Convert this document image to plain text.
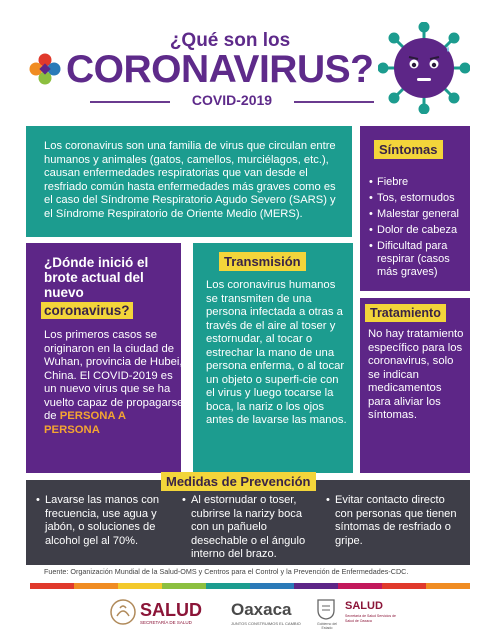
¿Qué son los
CORONAVIRUS?
COVID-2019
Los coronavirus son una familia de virus que circulan entre humanos y animales (gatos, camellos, murciélagos, etc.), causan enfermedades respiratorias que van desde el resfriado común hasta enfermedades más graves como es el caso del Síndrome Respiratorio Agudo Severo (SARS) y el Síndrome Respiratorio de Oriente Medio (MERS).
Síntomas
• Fiebre
• Tos, estornudos
• Malestar general
• Dolor de cabeza
• Dificultad para respirar (casos más graves)
¿Dónde inició el brote actual del nuevo
coronavirus?
Los primeros casos se originaron en la ciudad de Wuhan, provincia de Hubei, China. El COVID-2019 es un nuevo virus que se ha vuelto capaz de propagarse de PERSONA A PERSONA
Transmisión
Los coronavirus humanos se transmiten de una persona infectada a otras a través de el aire al toser y estornudar, al tocar o estrechar la mano de una persona enferma, o al tocar un objeto o superfi-cie con el virus y luego tocarse la boca, la nariz o los ojos antes de lavarse las manos.
Tratamiento
No hay tratamiento específico para los coronavirus, solo se indican medicamentos para aliviar los síntomas.
Medidas de Prevención
• Lavarse las manos con frecuencia, use agua y jabón, o soluciones de alcohol gel al 70%.
• Al estornudar o toser, cubrirse la narizy boca con un pañuelo desechable o el ángulo interno del brazo.
• Evitar contacto directo con personas que tienen síntomas de resfriado o gripe.
Fuente: Organización Mundial de la Salud-OMS y Centros para el Control y la Prevención de Enfermedades-CDC.
SALUD
SECRETARÍA DE SALUD
Oaxaca
JUNTOS CONSTRUIMOS EL CAMBIO	Gobierno del Estado
SALUD
Secretaría de Salud Servicios de Salud de Oaxaca
